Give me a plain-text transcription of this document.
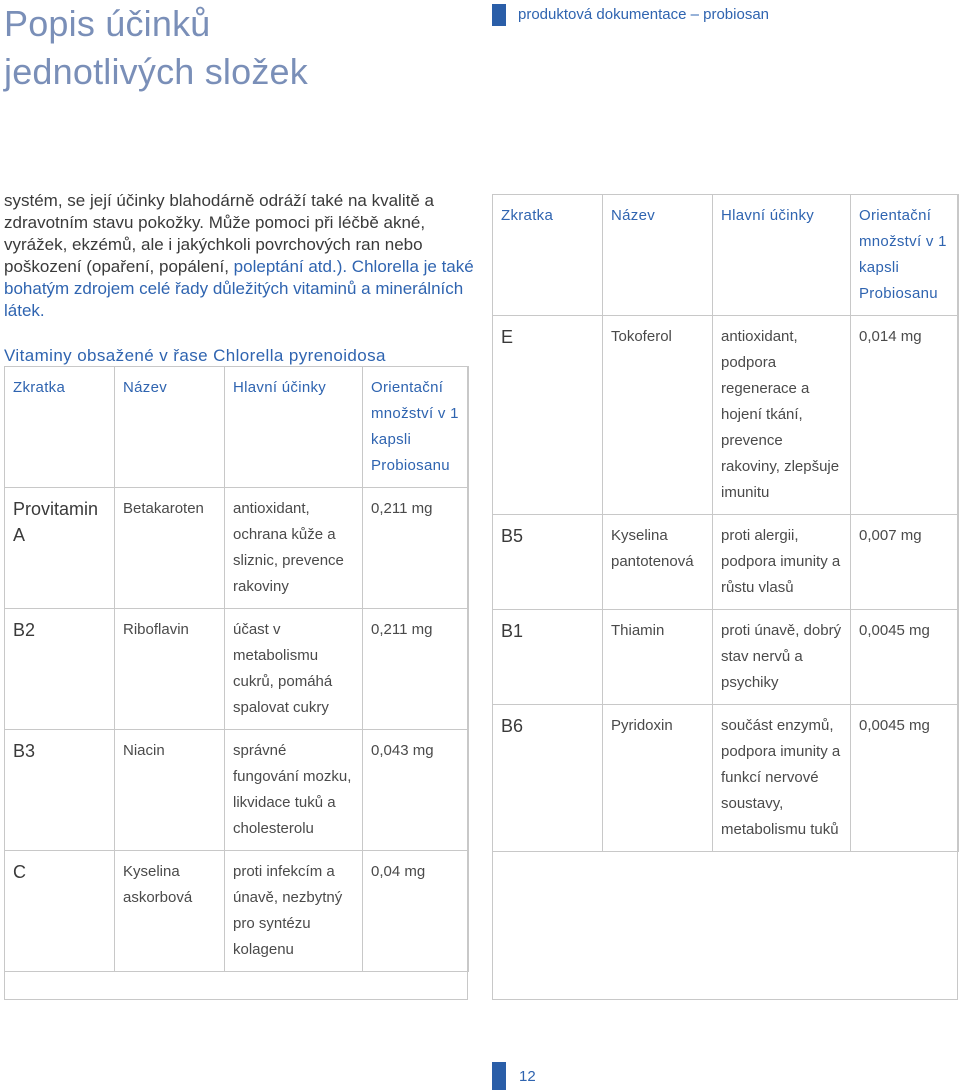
Popis účinků
jednotlivých složek
produktová dokumentace – probiosan

systém, se její účinky blahodárně odráží také na kvalitě a zdravotním stavu pokožky. Může pomoci při léčbě akné, vyrážek, ekzémů, ale i jakýchkoli povrchových ran nebo poškození (opaření, popálení, poleptání atd.). Chlorella je také bohatým zdrojem celé řady důležitých vitaminů a minerálních látek.

Vitaminy obsažené v řase Chlorella pyrenoidosa
Zkratka	Název	Hlavní účinky	Orientační množství v 1 kapsli Probiosanu
Provitamin A	Betakaroten	antioxidant, ochrana kůže a sliznic, prevence rakoviny	0,211 mg
B2	Riboflavin	účast v metabolismu cukrů, pomáhá spalovat cukry	0,211 mg
B3	Niacin	správné fungování mozku, likvidace tuků a cholesterolu	0,043 mg
C	Kyselina askorbová	proti infekcím a únavě, nezbytný pro syntézu kolagenu	0,04 mg
Zkratka	Název	Hlavní účinky	Orientační množství v 1 kapsli Probiosanu
E	Tokoferol	antioxidant, podpora regenerace a hojení tkání, prevence rakoviny, zlepšuje imunitu	0,014 mg
B5	Kyselina pantotenová	proti alergii, podpora imunity a růstu vlasů	0,007 mg
B1	Thiamin	proti únavě, dobrý stav nervů a psychiky	0,0045 mg
B6	Pyridoxin	součást enzymů, podpora imunity a funkcí nervové soustavy, metabolismu tuků	0,0045 mg
12
